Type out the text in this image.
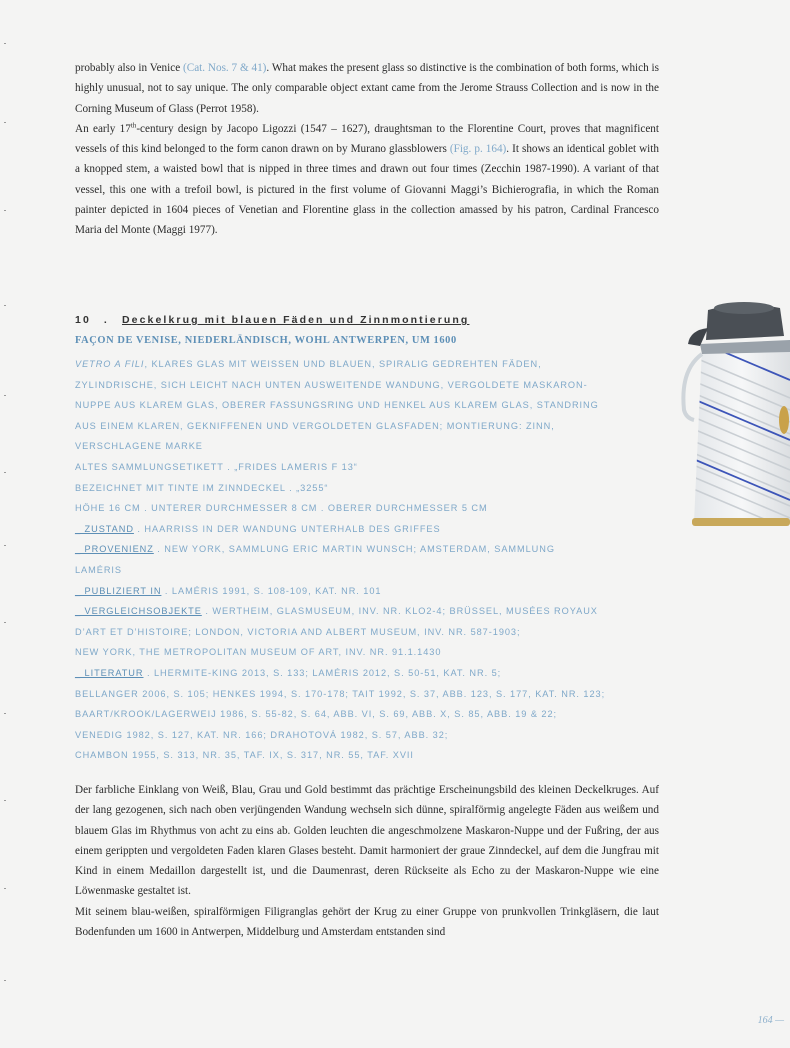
probably also in Venice (Cat. Nos. 7 & 41). What makes the present glass so distinctive is the combination of both forms, which is highly unusual, not to say unique. The only comparable object extant came from the Jerome Strauss Collection and is now in the Corning Museum of Glass (Perrot 1958).

An early 17th-century design by Jacopo Ligozzi (1547 – 1627), draughtsman to the Florentine Court, proves that magnificent vessels of this kind belonged to the form canon drawn on by Murano glassblowers (Fig. p. 164). It shows an identical goblet with a knopped stem, a waisted bowl that is nipped in three times and drawn out four times (Zecchin 1987-1990). A variant of that vessel, this one with a trefoil bowl, is pictured in the first volume of Giovanni Maggi’s Bichierografia, in which the Roman painter depicted in 1604 pieces of Venetian and Florentine glass in the collection amassed by his patron, Cardinal Francesco Maria del Monte (Maggi 1977).

10 . Deckelkrug mit blauen Fäden und Zinnmontierung
FAÇON DE VENISE, NIEDERLÄNDISCH, WOHL ANTWERPEN, UM 1600
VETRO A FILI, KLARES GLAS MIT WEISSEN UND BLAUEN, SPIRALIG GEDREHTEN FÄDEN,
ZYLINDRISCHE, SICH LEICHT NACH UNTEN AUSWEITENDE WANDUNG, VERGOLDETE MASKARON-
NUPPE AUS KLAREM GLAS, OBERER FASSUNGSRING UND HENKEL AUS KLAREM GLAS, STANDRING
AUS EINEM KLAREN, GEKNIFFENEN UND VERGOLDETEN GLASFADEN; MONTIERUNG: ZINN,
VERSCHLAGENE MARKE
ALTES SAMMLUNGSETIKETT . „FRIDES LAMERIS F 13“
BEZEICHNET MIT TINTE IM ZINNDECKEL . „3255“
HÖHE 16 CM . UNTERER DURCHMESSER 8 CM . OBERER DURCHMESSER 5 CM
_ ZUSTAND . HAARRISS IN DER WANDUNG UNTERHALB DES GRIFFES
_ PROVENIENZ . NEW YORK, SAMMLUNG ERIC MARTIN WUNSCH; AMSTERDAM, SAMMLUNG
LAMÉRIS
_ PUBLIZIERT IN . LAMÉRIS 1991, S. 108-109, KAT. NR. 101
_ VERGLEICHSOBJEKTE . WERTHEIM, GLASMUSEUM, INV. NR. KLO2-4; BRÜSSEL, MUSÉES ROYAUX
D’ART ET D’HISTOIRE; LONDON, VICTORIA AND ALBERT MUSEUM, INV. NR. 587-1903;
NEW YORK, THE METROPOLITAN MUSEUM OF ART, INV. NR. 91.1.1430
_ LITERATUR . LHERMITE-KING 2013, S. 133; LAMÉRIS 2012, S. 50-51, KAT. NR. 5;
BELLANGER 2006, S. 105; HENKES 1994, S. 170-178; TAIT 1992, S. 37, ABB. 123, S. 177, KAT. NR. 123;
BAART/KROOK/LAGERWEIJ 1986, S. 55-82, S. 64, ABB. VI, S. 69, ABB. X, S. 85, ABB. 19 & 22;
VENEDIG 1982, S. 127, KAT. NR. 166; DRAHOTOVÁ 1982, S. 57, ABB. 32;
CHAMBON 1955, S. 313, NR. 35, TAF. IX, S. 317, NR. 55, TAF. XVII

Der farbliche Einklang von Weiß, Blau, Grau und Gold bestimmt das prächtige Erscheinungsbild des kleinen Deckelkruges. Auf der lang gezogenen, sich nach oben verjüngenden Wandung wechseln sich dünne, spiralförmig angelegte Fäden aus weißem und blauem Glas im Rhythmus von acht zu eins ab. Golden leuchten die angeschmolzene Maskaron-Nuppe und der Fußring, der aus einem gerippten und vergoldeten Faden klaren Glases besteht. Damit harmoniert der graue Zinndeckel, auf dem die Jungfrau mit Kind in einem Medaillon dargestellt ist, und die Daumenrast, deren Rückseite als Echo zu der Maskaron-Nuppe wie eine Löwenmaske gestaltet ist.

Mit seinem blau-weißen, spiralförmigen Filigranglas gehört der Krug zu einer Gruppe von prunkvollen Trinkgläsern, die laut Bodenfunden um 1600 in Antwerpen, Middelburg und Amsterdam entstanden sind

164 —
